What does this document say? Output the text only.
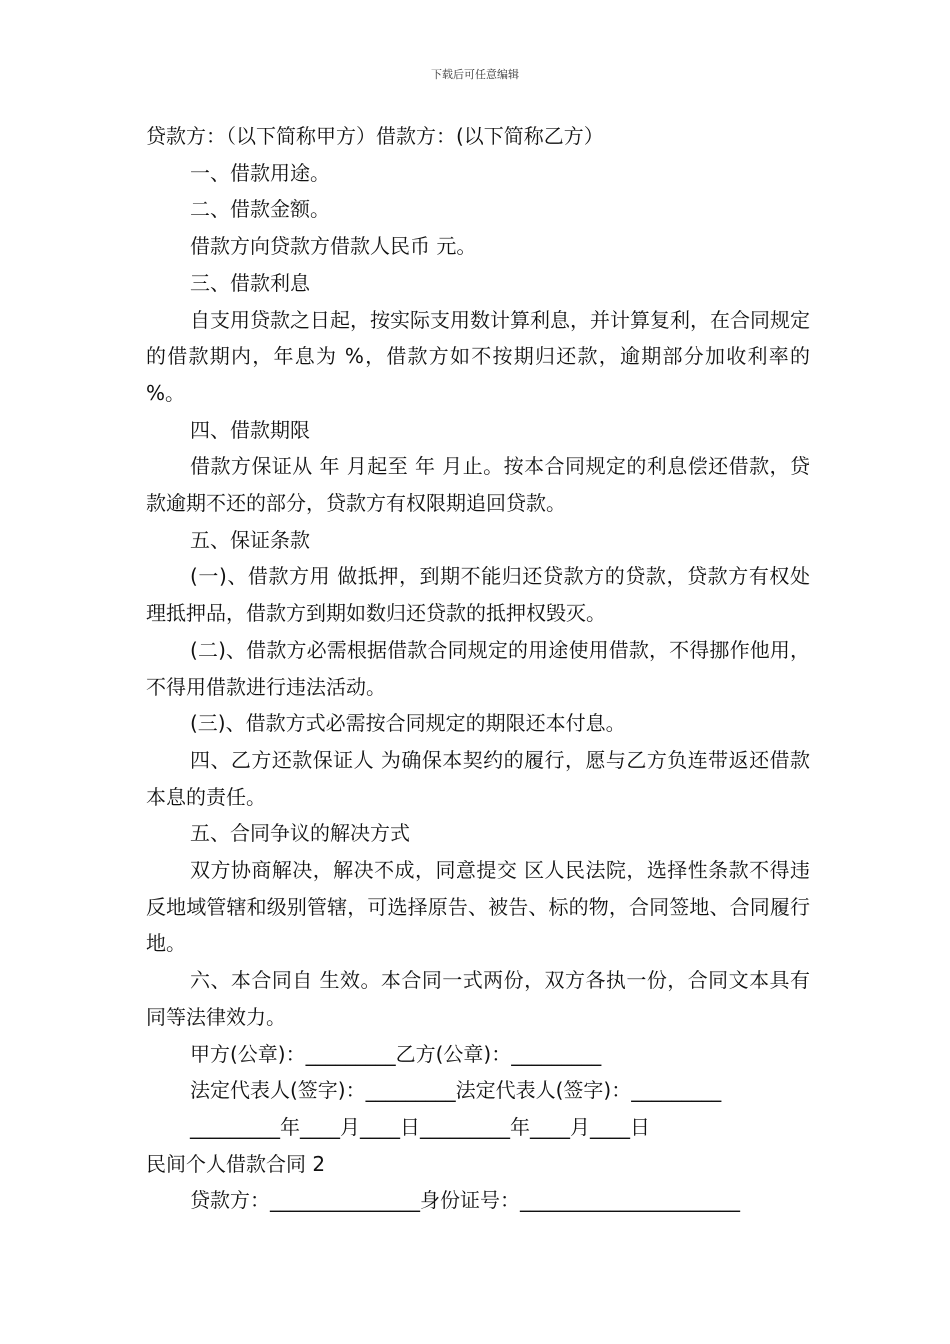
下载后可任意编辑

贷款方：（以下简称甲方）借款方：(以下简称乙方）

一、借款用途。

二、借款金额。

借款方向贷款方借款人民币 元。

三、借款利息

自支用贷款之日起，按实际支用数计算利息，并计算复利，在合同规定的借款期内，年息为 %，借款方如不按期归还款，逾期部分加收利率的 %。

四、借款期限

借款方保证从 年 月起至 年 月止。按本合同规定的利息偿还借款，贷款逾期不还的部分，贷款方有权限期追回贷款。

五、保证条款

(一)、借款方用 做抵押，到期不能归还贷款方的贷款，贷款方有权处理抵押品，借款方到期如数归还贷款的抵押权毁灭。

(二)、借款方必需根据借款合同规定的用途使用借款，不得挪作他用，不得用借款进行违法活动。

(三)、借款方式必需按合同规定的期限还本付息。

四、乙方还款保证人 为确保本契约的履行，愿与乙方负连带返还借款本息的责任。

五、合同争议的解决方式

双方协商解决，解决不成，同意提交 区人民法院，选择性条款不得违反地域管辖和级别管辖，可选择原告、被告、标的物，合同签地、合同履行地。

六、本合同自 生效。本合同一式两份，双方各执一份，合同文本具有同等法律效力。

甲方(公章)：_________乙方(公章)：_________

法定代表人(签字)：_________法定代表人(签字)：_________

_________年____月____日_________年____月____日

民间个人借款合同 2

贷款方：_______________身份证号：______________________
